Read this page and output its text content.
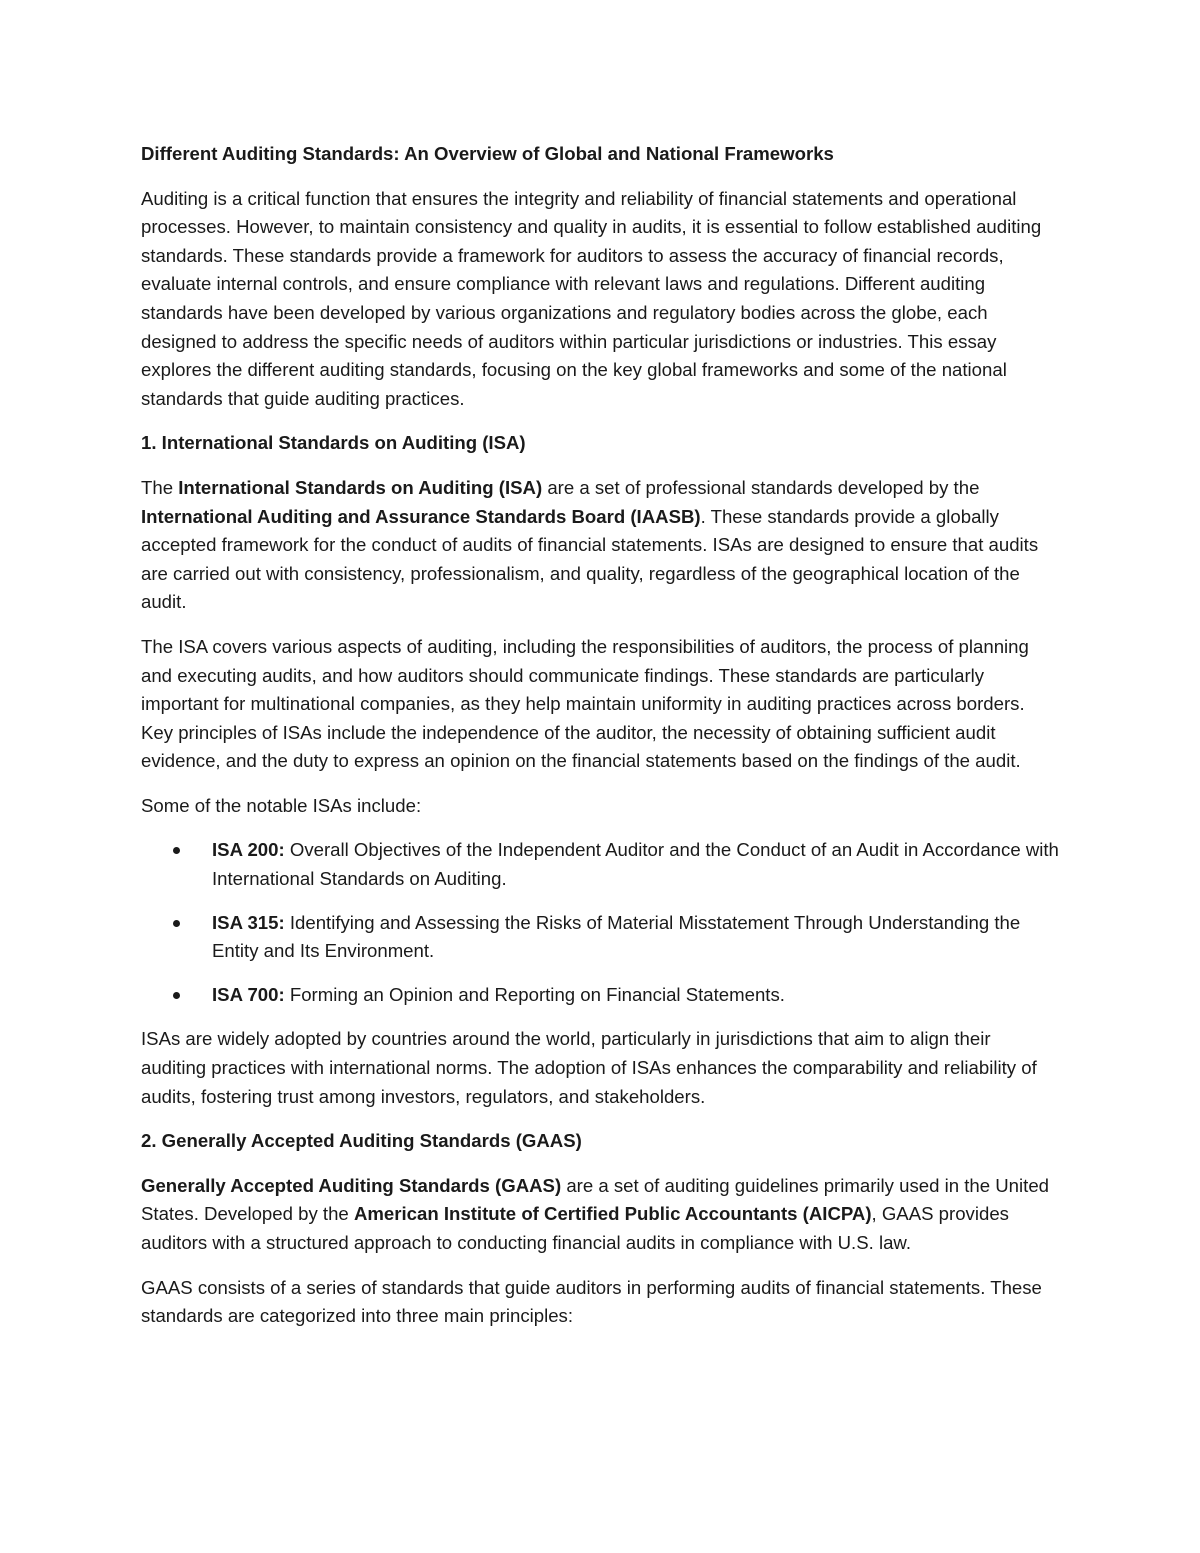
Different Auditing Standards: An Overview of Global and National Frameworks

Auditing is a critical function that ensures the integrity and reliability of financial statements and operational processes. However, to maintain consistency and quality in audits, it is essential to follow established auditing standards. These standards provide a framework for auditors to assess the accuracy of financial records, evaluate internal controls, and ensure compliance with relevant laws and regulations. Different auditing standards have been developed by various organizations and regulatory bodies across the globe, each designed to address the specific needs of auditors within particular jurisdictions or industries. This essay explores the different auditing standards, focusing on the key global frameworks and some of the national standards that guide auditing practices.

1. International Standards on Auditing (ISA)

The International Standards on Auditing (ISA) are a set of professional standards developed by the International Auditing and Assurance Standards Board (IAASB). These standards provide a globally accepted framework for the conduct of audits of financial statements. ISAs are designed to ensure that audits are carried out with consistency, professionalism, and quality, regardless of the geographical location of the audit.

The ISA covers various aspects of auditing, including the responsibilities of auditors, the process of planning and executing audits, and how auditors should communicate findings. These standards are particularly important for multinational companies, as they help maintain uniformity in auditing practices across borders. Key principles of ISAs include the independence of the auditor, the necessity of obtaining sufficient audit evidence, and the duty to express an opinion on the financial statements based on the findings of the audit.

Some of the notable ISAs include:

ISA 200: Overall Objectives of the Independent Auditor and the Conduct of an Audit in Accordance with International Standards on Auditing.
ISA 315: Identifying and Assessing the Risks of Material Misstatement Through Understanding the Entity and Its Environment.
ISA 700: Forming an Opinion and Reporting on Financial Statements.

ISAs are widely adopted by countries around the world, particularly in jurisdictions that aim to align their auditing practices with international norms. The adoption of ISAs enhances the comparability and reliability of audits, fostering trust among investors, regulators, and stakeholders.

2. Generally Accepted Auditing Standards (GAAS)

Generally Accepted Auditing Standards (GAAS) are a set of auditing guidelines primarily used in the United States. Developed by the American Institute of Certified Public Accountants (AICPA), GAAS provides auditors with a structured approach to conducting financial audits in compliance with U.S. law.

GAAS consists of a series of standards that guide auditors in performing audits of financial statements. These standards are categorized into three main principles:
